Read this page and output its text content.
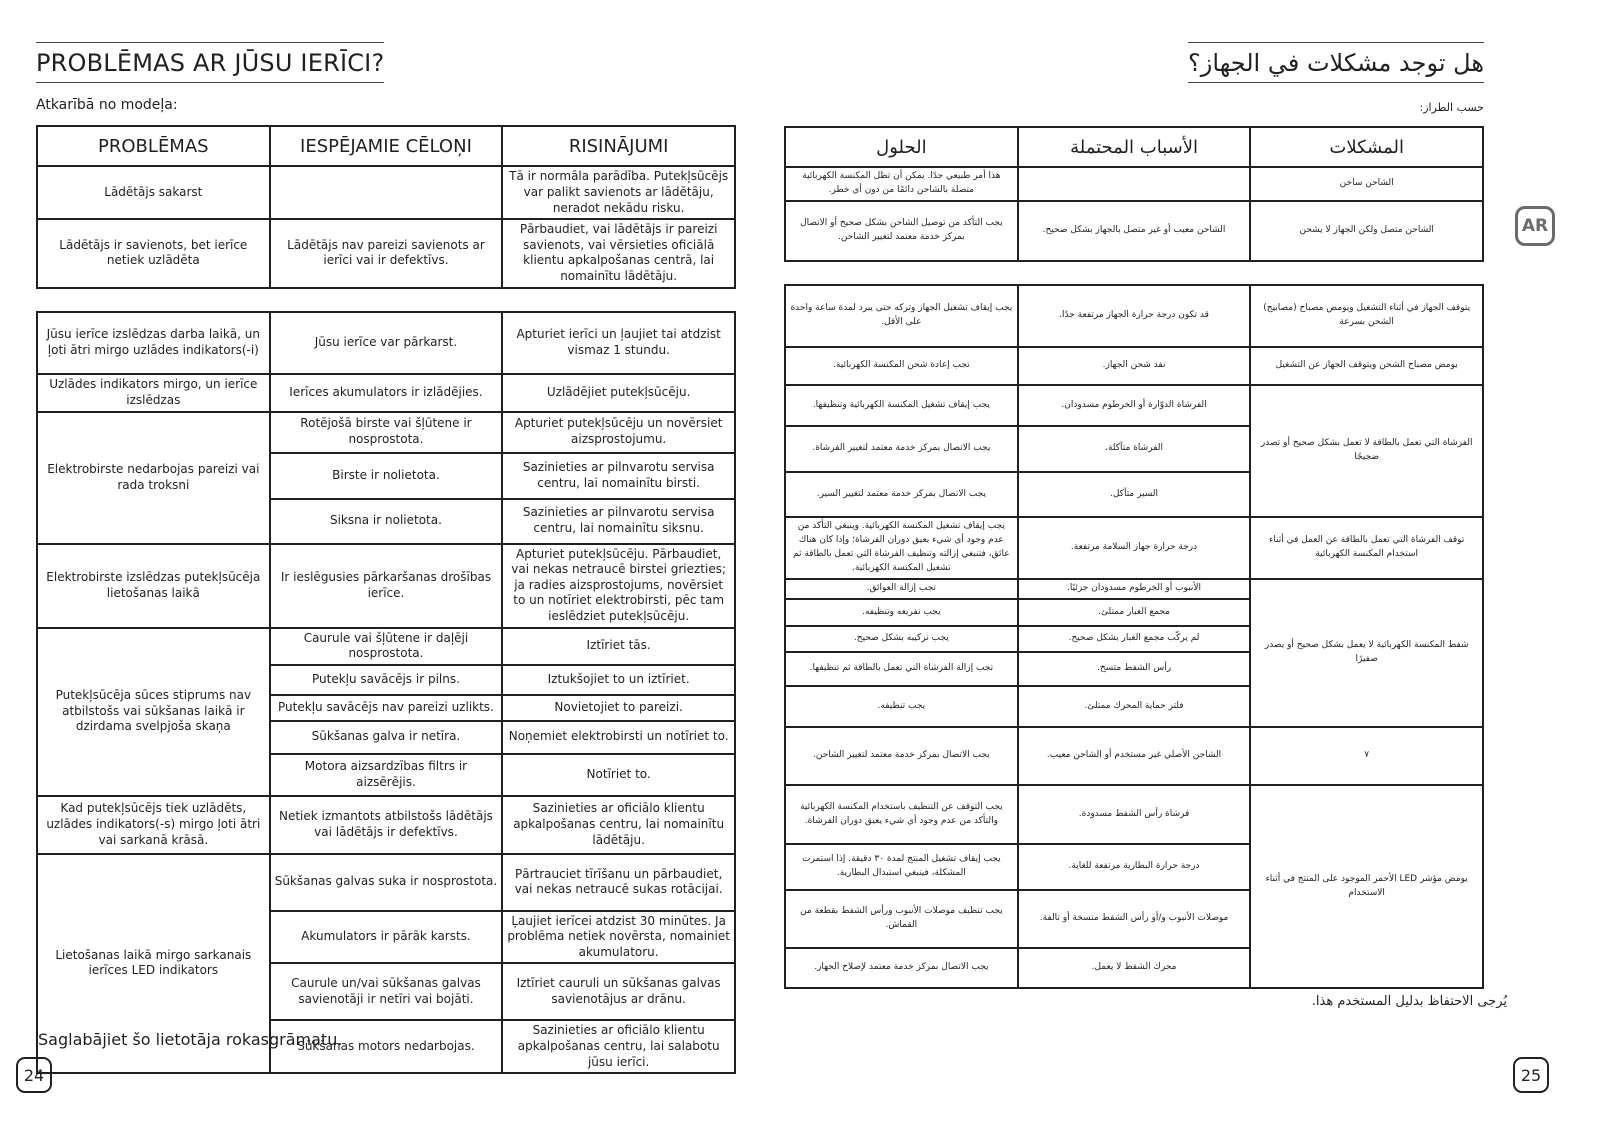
PROBLĒMAS AR JŪSU IERĪCI?
Atkarībā no modeļa:
PROBLĒMAS	IESPĒJAMIE CĒLOŅI	RISINĀJUMI
Lādētājs sakarst		Tā ir normāla parādība. Putekļsūcējs var palikt savienots ar lādētāju, neradot nekādu risku.
Lādētājs ir savienots, bet ierīce netiek uzlādēta	Lādētājs nav pareizi savienots ar ierīci vai ir defektīvs.	Pārbaudiet, vai lādētājs ir pareizi savienots, vai vērsieties oficiālā klientu apkalpošanas centrā, lai nomainītu lādētāju.
Jūsu ierīce izslēdzas darba laikā, un ļoti ātri mirgo uzlādes indikators(-i)	Jūsu ierīce var pārkarst.	Apturiet ierīci un ļaujiet tai atdzist vismaz 1 stundu.
Uzlādes indikators mirgo, un ierīce izslēdzas	Ierīces akumulators ir izlādējies.	Uzlādējiet putekļsūcēju.
Elektrobirste nedarbojas pareizi vai rada troksni	Rotējošā birste vai šļūtene ir nosprostota.	Apturiet putekļsūcēju un novērsiet aizsprostojumu.
	Birste ir nolietota.	Sazinieties ar pilnvarotu servisa centru, lai nomainītu birsti.
	Siksna ir nolietota.	Sazinieties ar pilnvarotu servisa centru, lai nomainītu siksnu.
Elektrobirste izslēdzas putekļsūcēja lietošanas laikā	Ir ieslēgusies pārkaršanas drošības ierīce.	Apturiet putekļsūcēju. Pārbaudiet, vai nekas netraucē birstei griezties; ja radies aizsprostojums, novērsiet to un notīriet elektrobirsti, pēc tam ieslēdziet putekļsūcēju.
Putekļsūcēja sūces stiprums nav atbilstošs vai sūkšanas laikā ir dzirdama svelpjoša skaņa	Caurule vai šļūtene ir daļēji nosprostota.	Iztīriet tās.
	Putekļu savācējs ir pilns.	Iztukšojiet to un iztīriet.
	Putekļu savācējs nav pareizi uzlikts.	Novietojiet to pareizi.
	Sūkšanas galva ir netīra.	Noņemiet elektrobirsti un notīriet to.
	Motora aizsardzības filtrs ir aizsērējis.	Notīriet to.
Kad putekļsūcējs tiek uzlādēts, uzlādes indikators(-s) mirgo ļoti ātri vai sarkanā krāsā.	Netiek izmantots atbilstošs lādētājs vai lādētājs ir defektīvs.	Sazinieties ar oficiālo klientu apkalpošanas centru, lai nomainītu lādētāju.
Lietošanas laikā mirgo sarkanais ierīces LED indikators	Sūkšanas galvas suka ir nosprostota.	Pārtrauciet tīrīšanu un pārbaudiet, vai nekas netraucē sukas rotācijai.
	Akumulators ir pārāk karsts.	Ļaujiet ierīcei atdzist 30 minūtes. Ja problēma netiek novērsta, nomainiet akumulatoru.
	Caurule un/vai sūkšanas galvas savienotāji ir netīri vai bojāti.	Iztīriet cauruli un sūkšanas galvas savienotājus ar drānu.
	Sūkšanas motors nedarbojas.	Sazinieties ar oficiālo klientu apkalpošanas centru, lai salabotu jūsu ierīci.
هل توجد مشكلات في الجهاز؟
حسب الطراز:
المشكلات	الأسباب المحتملة	الحلول
الشاحن ساخن		هذا أمر طبيعي جدًا. يمكن أن تظل المكنسة الكهربائية متصلة بالشاحن دائمًا من دون أي خطر.
الشاحن متصل ولكن الجهاز لا يشحن	الشاحن معيب أو غير متصل بالجهاز بشكل صحيح.	يجب التأكد من توصيل الشاحن بشكل صحيح أو الاتصال بمركز خدمة معتمد لتغيير الشاحن.
يتوقف الجهاز في أثناء التشغيل ويومض مصباح (مصابيح) الشحن بسرعة	قد تكون درجة حرارة الجهاز مرتفعة جدًا.	يجب إيقاف تشغيل الجهاز وتركه حتى يبرد لمدة ساعة واحدة على الأقل.
يومض مصباح الشحن ويتوقف الجهاز عن التشغيل	نفد شحن الجهاز.	تجب إعادة شحن المكنسة الكهربائية.
الفرشاة التي تعمل بالطاقة لا تعمل بشكل صحيح أو تصدر ضجيجًا	الفرشاة الدوّارة أو الخرطوم مسدودان.	يجب إيقاف تشغيل المكنسة الكهربائية وتنظيفها.
	الفرشاة متآكلة.	يجب الاتصال بمركز خدمة معتمد لتغيير الفرشاة.
	السير متآكل.	يجب الاتصال بمركز خدمة معتمد لتغيير السير.
توقف الفرشاة التي تعمل بالطاقة عن العمل في أثناء استخدام المكنسة الكهربائية	درجة حرارة جهاز السلامة مرتفعة.	يجب إيقاف تشغيل المكنسة الكهربائية. وينبغي التأكد من عدم وجود أي شيء يعيق دوران الفرشاة؛ وإذا كان هناك عائق، فتنبغي إزالته وتنظيف الفرشاة التي تعمل بالطاقة ثم تشغيل المكنسة الكهربائية.
شفط المكنسة الكهربائية لا يعمل بشكل صحيح أو يصدر صفيرًا	الأنبوب أو الخرطوم مسدودان جزئيًا.	تجب إزالة العوائق.
	مجمع الغبار ممتلئ.	يجب تفريغه وتنظيفه.
	لم يركّب مجمع الغبار بشكل صحيح.	يجب تركيبه بشكل صحيح.
	رأس الشفط متسخ.	تجب إزالة الفرشاة التي تعمل بالطاقة ثم تنظيفها.
	فلتر حماية المحرك ممتلئ.	يجب تنظيفه.
٧	الشاحن الأصلي غير مستخدم أو الشاحن معيب.	يجب الاتصال بمركز خدمة معتمد لتغيير الشاحن.
يومض مؤشر LED الأحمر الموجود على المنتج في أثناء الاستخدام	فرشاة رأس الشفط مسدودة.	يجب التوقف عن التنظيف باستخدام المكنسة الكهربائية والتأكد من عدم وجود أي شيء يعيق دوران الفرشاة.
	درجة حرارة البطارية مرتفعة للغاية.	يجب إيقاف تشغيل المنتج لمدة ٣٠ دقيقة. إذا استمرت المشكلة، فينبغي استبدال البطارية.
	موصلات الأنبوب و/أو رأس الشفط متسخة أو تالفة.	يجب تنظيف موصلات الأنبوب ورأس الشفط بقطعة من القماش.
	محرك الشفط لا يعمل.	يجب الاتصال بمركز خدمة معتمد لإصلاح الجهاز.
Saglabājiet šo lietotāja rokasgrāmatu.
يُرجى الاحتفاظ بدليل المستخدم هذا.
24	25
AR
